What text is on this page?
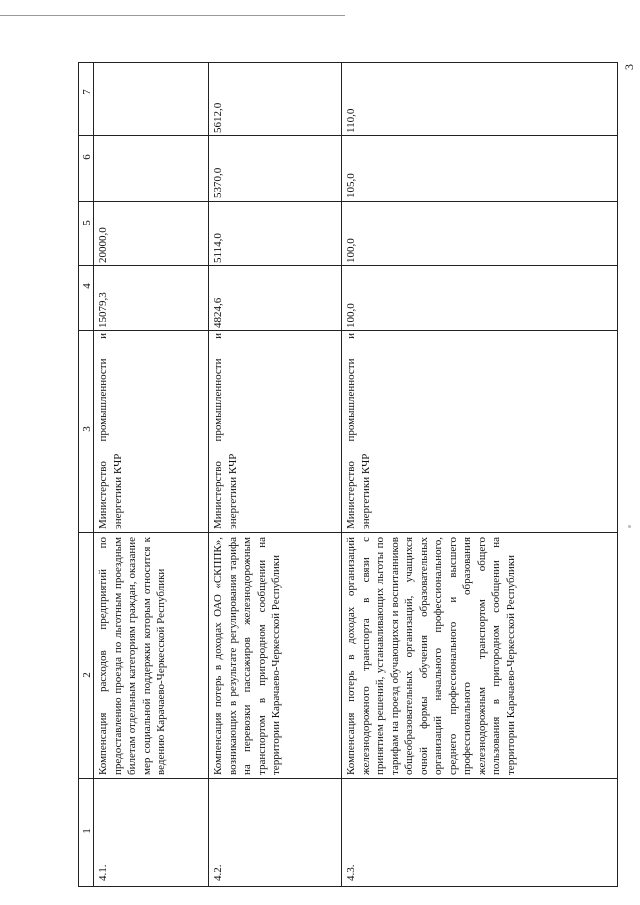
3
1
2
3
4
5
6
7
4.1.
Компенсация расходов предприятий по предоставлению проезда по льготным проездным билетам отдельным категориям граждан, оказание мер социальной поддержки которым относится к ведению Карачаево-Черкесской Республики
Министерство промышленности и энергетики КЧР
15079,3
20000,0
4.2.
Компенсация потерь в доходах ОАО «СКППК», возникающих в результате регулирования тарифа на перевозки пассажиров железнодорожным транспортом в пригородном сообщении на территории Карачаево-Черкесской Республики
Министерство промышленности и энергетики КЧР
4824,6
5114,0
5370,0
5612,0
4.3.
Компенсация потерь в доходах организаций железнодорожного транспорта в связи с принятием решений, устанавливающих льготы по тарифам на проезд обучающихся и воспитанников общеобразовательных организаций, учащихся очной формы обучения образовательных организаций начального профессионального, среднего профессионального и высшего профессионального образования железнодорожным транспортом общего пользования в пригородном сообщении на территории Карачаево-Черкесской Республики
Министерство промышленности и энергетики КЧР
100,0
100,0
105,0
110,0
